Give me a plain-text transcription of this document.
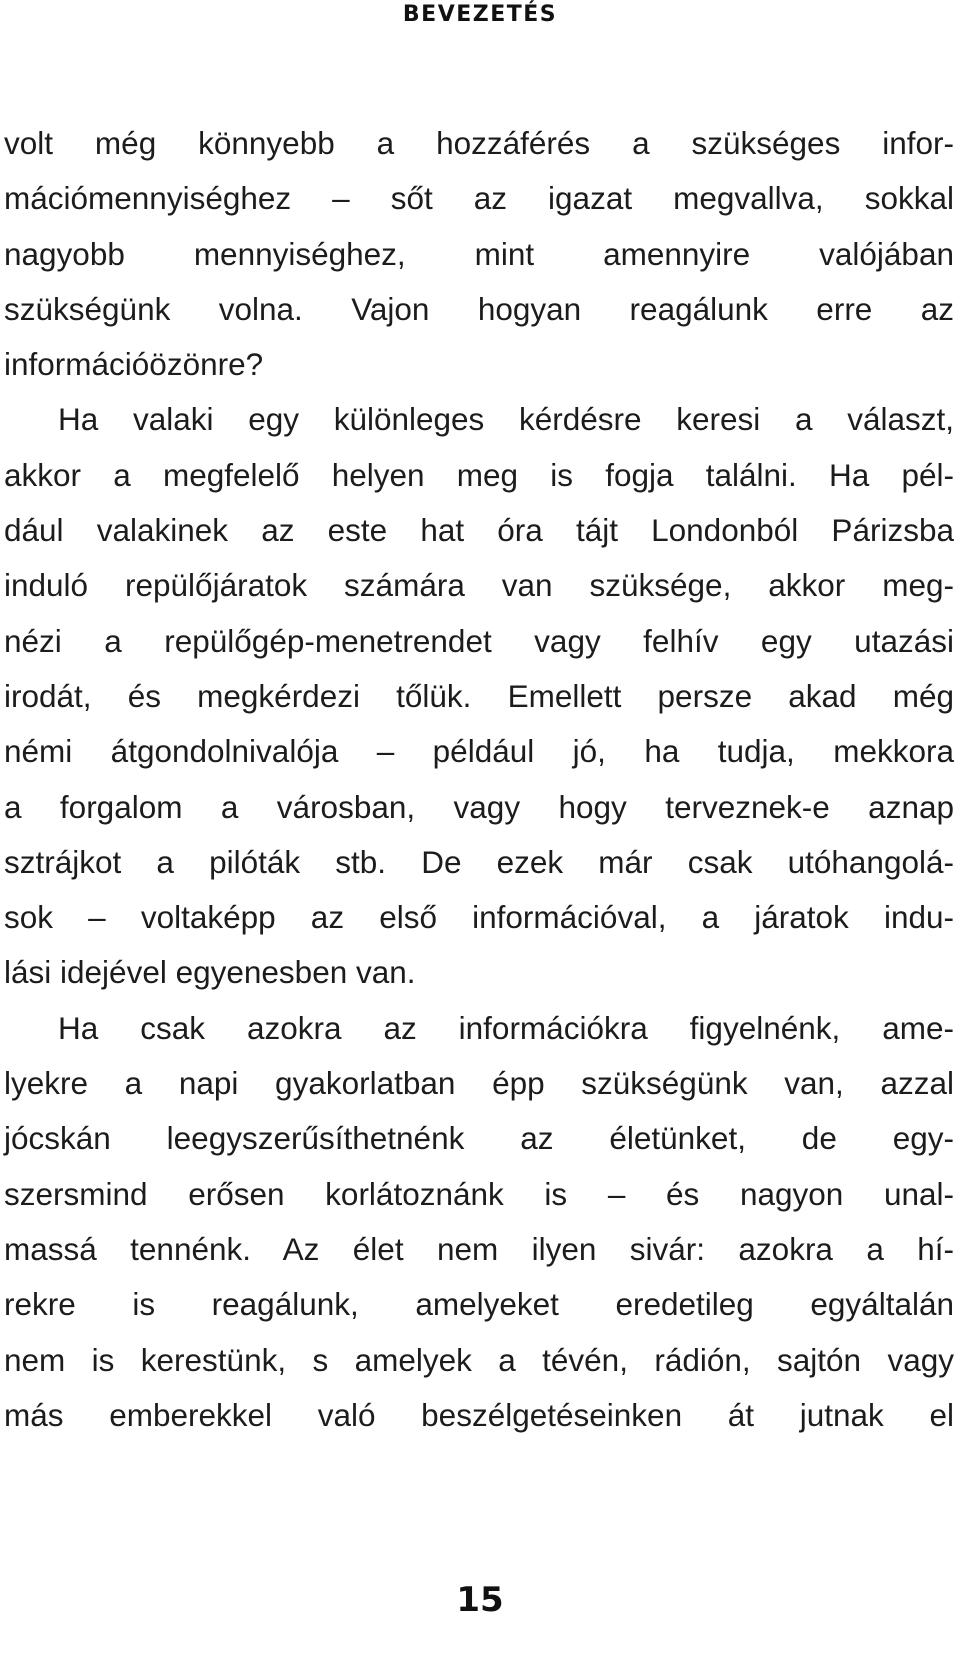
BEVEZETÉS
volt még könnyebb a hozzáférés a szükséges infor-
mációmennyiséghez – sőt az igazat megvallva, sokkal
nagyobb mennyiséghez, mint amennyire valójában
szükségünk volna. Vajon hogyan reagálunk erre az
információözönre?
Ha valaki egy különleges kérdésre keresi a választ,
akkor a megfelelő helyen meg is fogja találni. Ha pél-
dául valakinek az este hat óra tájt Londonból Párizsba
induló repülőjáratok számára van szüksége, akkor meg-
nézi a repülőgép-menetrendet vagy felhív egy utazási
irodát, és megkérdezi tőlük. Emellett persze akad még
némi átgondolnivalója – például jó, ha tudja, mekkora
a forgalom a városban, vagy hogy terveznek-e aznap
sztrájkot a pilóták stb. De ezek már csak utóhangolá-
sok – voltaképp az első információval, a járatok indu-
lási idejével egyenesben van.
Ha csak azokra az információkra figyelnénk, ame-
lyekre a napi gyakorlatban épp szükségünk van, azzal
jócskán leegyszerűsíthetnénk az életünket, de egy-
szersmind erősen korlátoznánk is – és nagyon unal-
massá tennénk. Az élet nem ilyen sivár: azokra a hí-
rekre is reagálunk, amelyeket eredetileg egyáltalán
nem is kerestünk, s amelyek a tévén, rádión, sajtón vagy
más emberekkel való beszélgetéseinken át jutnak el
15
